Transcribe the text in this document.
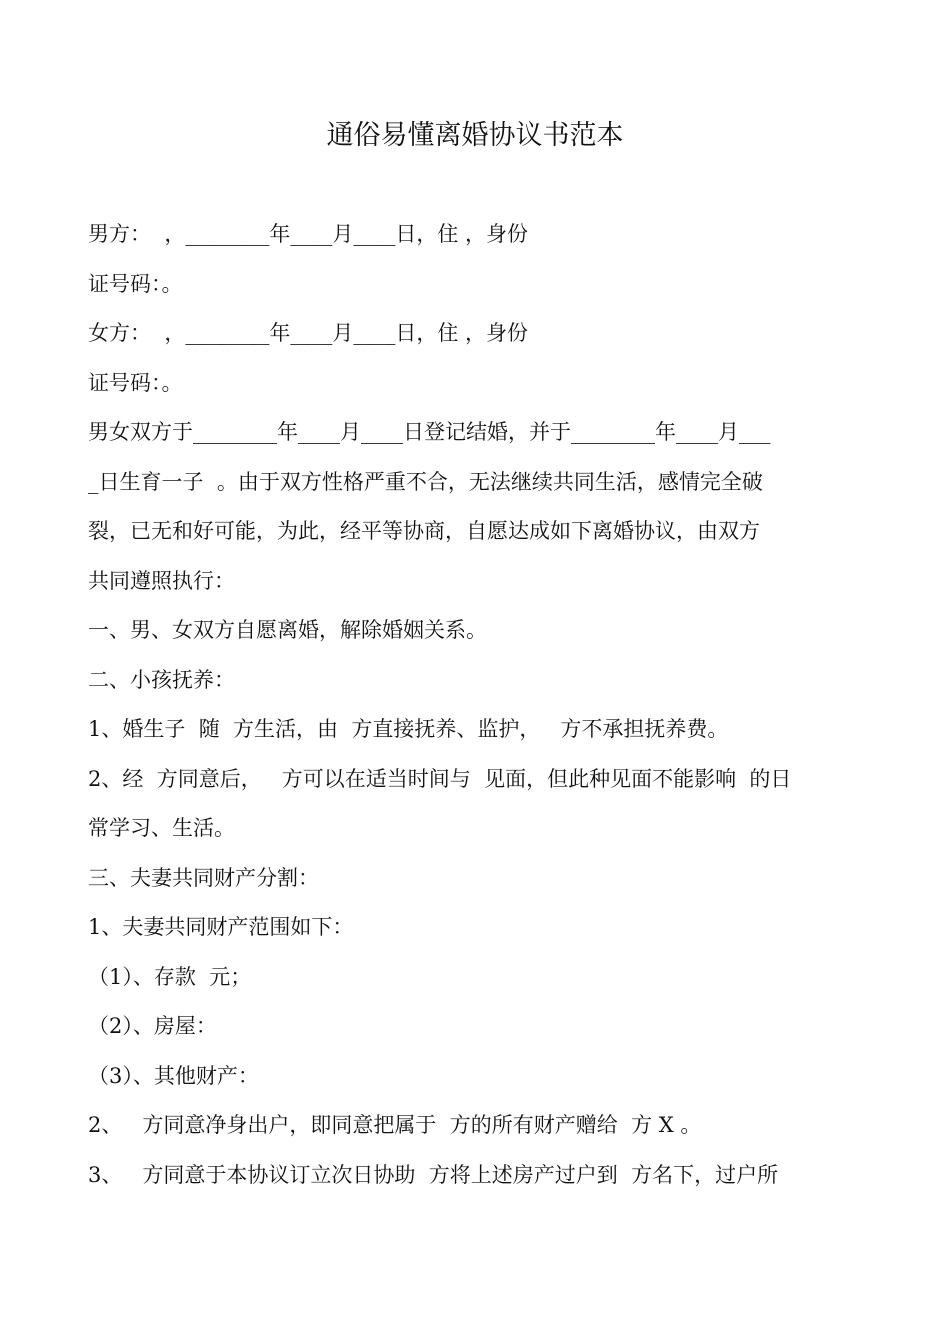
通俗易懂离婚协议书范本
男方：  ，________年____月____日，住 ，身份
证号码：。
女方：  ，________年____月____日，住 ，身份
证号码：。
男女双方于________年____月____日登记结婚，并于________年____月___
_日生育一子  。由于双方性格严重不合，无法继续共同生活，感情完全破
裂，已无和好可能，为此，经平等协商，自愿达成如下离婚协议，由双方
共同遵照执行：
一、男、女双方自愿离婚，解除婚姻关系。
二、小孩抚养：
1、婚生子  随  方生活，由  方直接抚养、监护，   方不承担抚养费。
2、经  方同意后，   方可以在适当时间与  见面，但此种见面不能影响  的日
常学习、生活。
三、夫妻共同财产分割：
1、夫妻共同财产范围如下：
（1）、存款  元；
（2）、房屋：
（3）、其他财产：
2、   方同意净身出户，即同意把属于  方的所有财产赠给  方 X 。
3、   方同意于本协议订立次日协助  方将上述房产过户到  方名下，过户所
